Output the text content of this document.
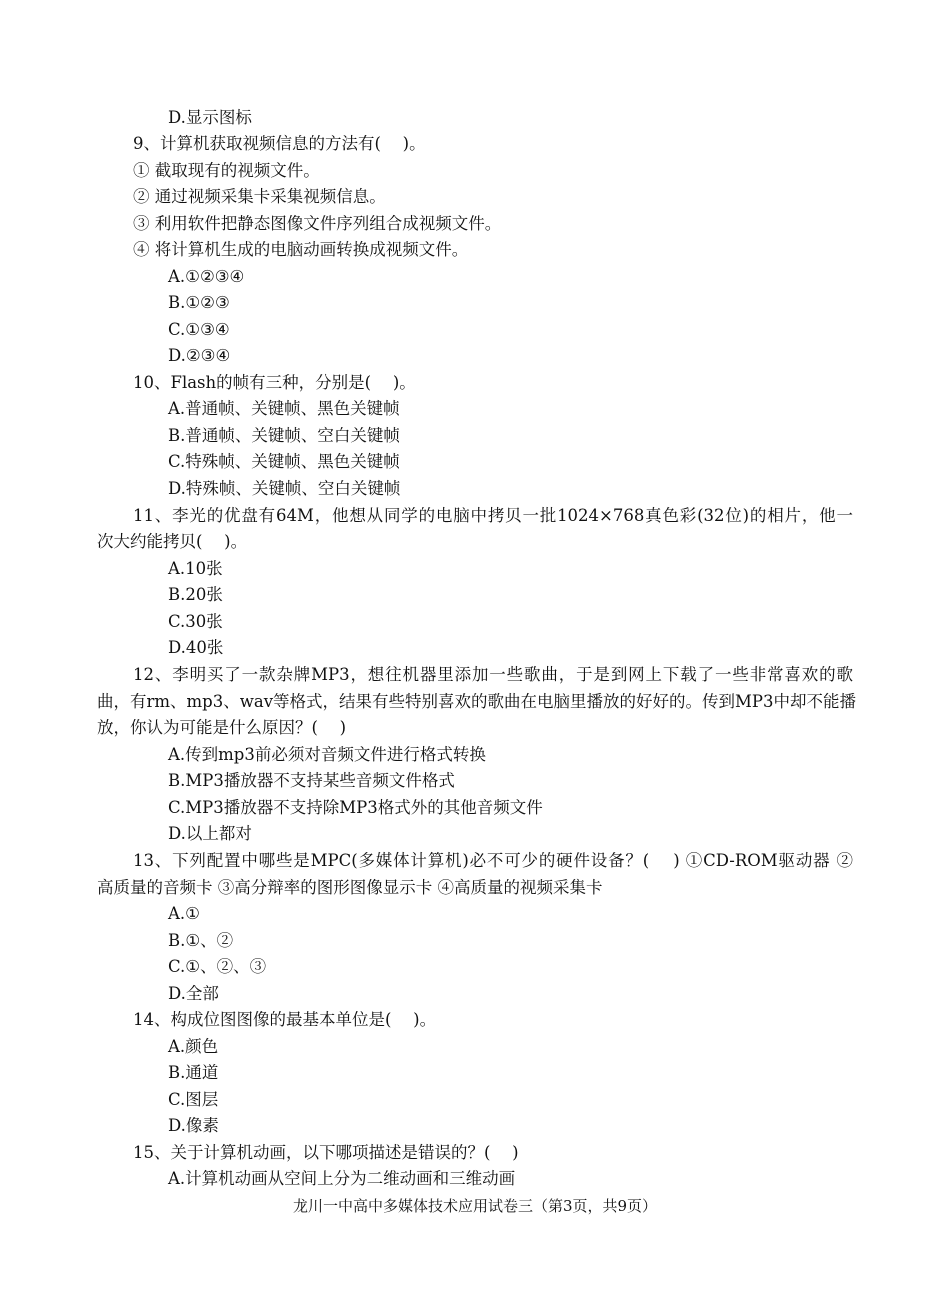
D.显示图标
9、计算机获取视频信息的方法有(　 )。
① 截取现有的视频文件。
② 通过视频采集卡采集视频信息。
③ 利用软件把静态图像文件序列组合成视频文件。
④ 将计算机生成的电脑动画转换成视频文件。
A.①②③④
B.①②③
C.①③④
D.②③④
10、Flash的帧有三种，分别是(　 )。
A.普通帧、关键帧、黑色关键帧
B.普通帧、关键帧、空白关键帧
C.特殊帧、关键帧、黑色关键帧
D.特殊帧、关键帧、空白关键帧
11、李光的优盘有64M，他想从同学的电脑中拷贝一批1024×768真色彩(32位)的相片，他一
次大约能拷贝(　 )。
A.10张
B.20张
C.30张
D.40张
12、李明买了一款杂牌MP3，想往机器里添加一些歌曲，于是到网上下载了一些非常喜欢的歌
曲，有rm、mp3、wav等格式，结果有些特别喜欢的歌曲在电脑里播放的好好的。传到MP3中却不能播
放，你认为可能是什么原因？(　 )
A.传到mp3前必须对音频文件进行格式转换
B.MP3播放器不支持某些音频文件格式
C.MP3播放器不支持除MP3格式外的其他音频文件
D.以上都对
13、下列配置中哪些是MPC(多媒体计算机)必不可少的硬件设备？(　 ) ①CD-ROM驱动器 ②
高质量的音频卡 ③高分辩率的图形图像显示卡 ④高质量的视频采集卡
A.①
B.①、②
C.①、②、③
D.全部
14、构成位图图像的最基本单位是(　 )。
A.颜色
B.通道
C.图层
D.像素
15、关于计算机动画，以下哪项描述是错误的？(　 )
A.计算机动画从空间上分为二维动画和三维动画
龙川一中高中多媒体技术应用试卷三（第3页，共9页）
